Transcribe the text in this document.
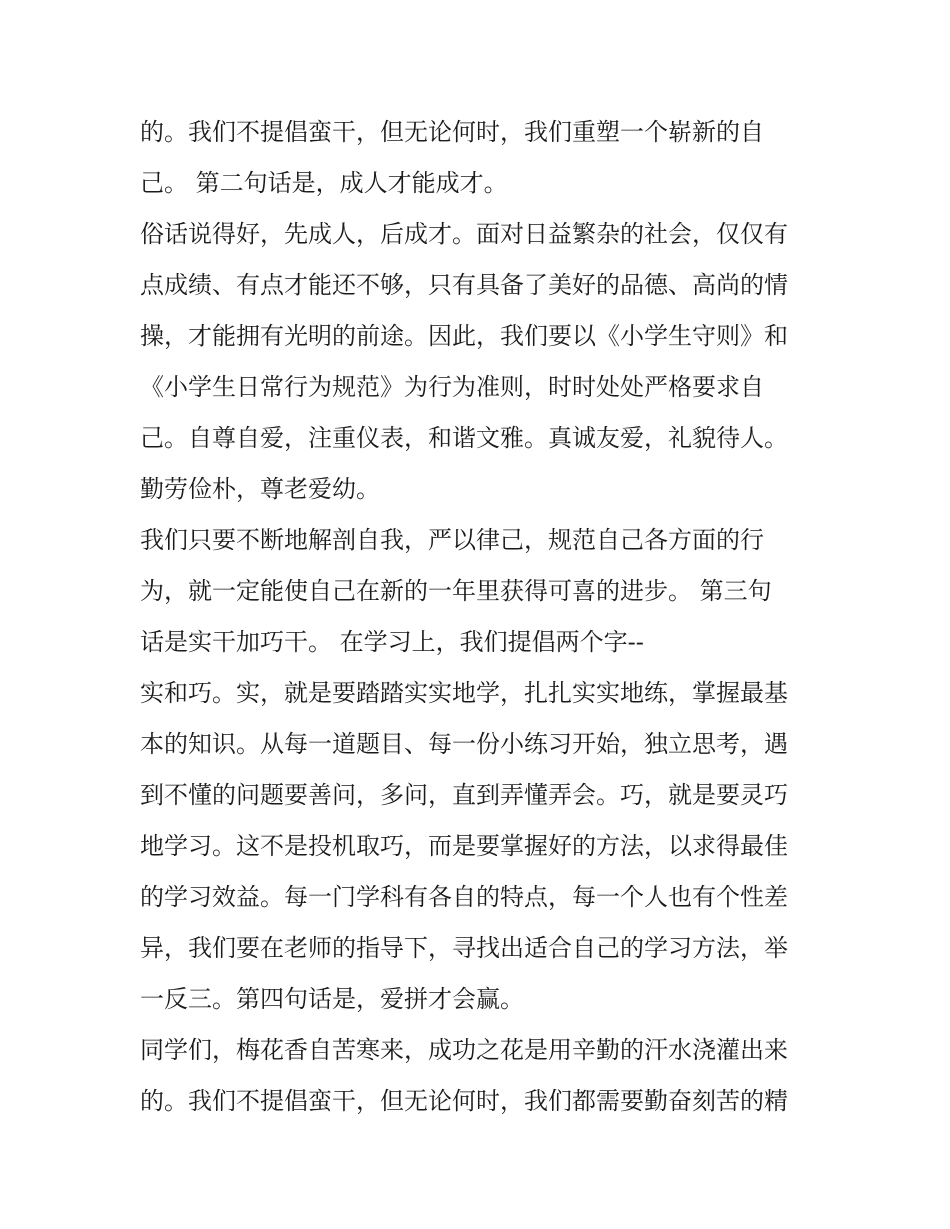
的。我们不提倡蛮干，但无论何时，我们重塑一个崭新的自
己。 第二句话是，成人才能成才。
俗话说得好，先成人，后成才。面对日益繁杂的社会，仅仅有
点成绩、有点才能还不够，只有具备了美好的品德、高尚的情
操，才能拥有光明的前途。因此，我们要以《小学生守则》和
《小学生日常行为规范》为行为准则，时时处处严格要求自
己。自尊自爱，注重仪表，和谐文雅。真诚友爱，礼貌待人。
勤劳俭朴，尊老爱幼。
我们只要不断地解剖自我，严以律己，规范自己各方面的行
为，就一定能使自己在新的一年里获得可喜的进步。 第三句
话是实干加巧干。 在学习上，我们提倡两个字--
实和巧。实，就是要踏踏实实地学，扎扎实实地练，掌握最基
本的知识。从每一道题目、每一份小练习开始，独立思考，遇
到不懂的问题要善问，多问，直到弄懂弄会。巧，就是要灵巧
地学习。这不是投机取巧，而是要掌握好的方法，以求得最佳
的学习效益。每一门学科有各自的特点，每一个人也有个性差
异，我们要在老师的指导下，寻找出适合自己的学习方法，举
一反三。第四句话是，爱拼才会赢。
同学们，梅花香自苦寒来，成功之花是用辛勤的汗水浇灌出来
的。我们不提倡蛮干，但无论何时，我们都需要勤奋刻苦的精
